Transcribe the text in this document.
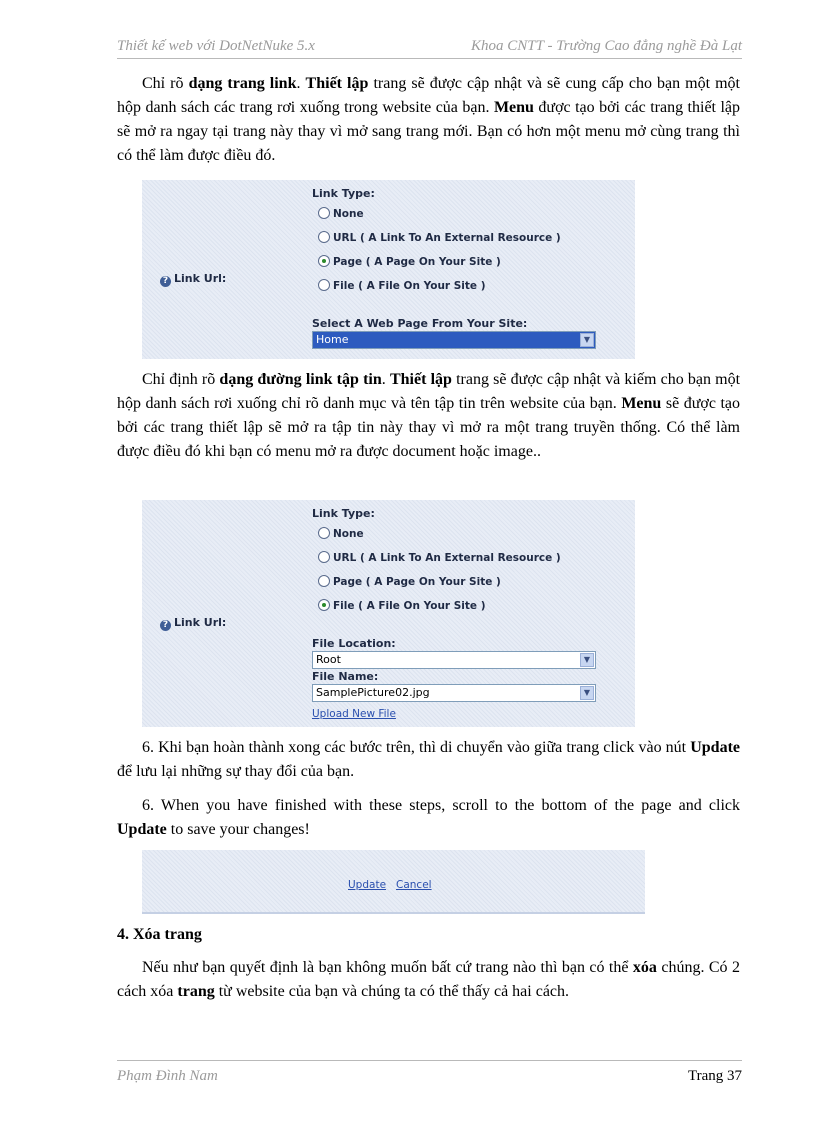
Thiết kế web với DotNetNuke 5.x	Khoa CNTT - Trường Cao đẳng nghề Đà Lạt

Chỉ rõ dạng trang link. Thiết lập trang sẽ được cập nhật và sẽ cung cấp cho bạn một một hộp danh sách các trang rơi xuống trong website của bạn. Menu được tạo bởi các trang thiết lập sẽ mở ra ngay tại trang này thay vì mở sang trang mới. Bạn có hơn một menu mở cùng trang thì có thể làm được điều đó.

? Link Url:
Link Type:
None
URL ( A Link To An External Resource )
Page ( A Page On Your Site )
File ( A File On Your Site )
Select A Web Page From Your Site:
Home	▼

Chỉ định rõ dạng đường link tập tin. Thiết lập trang sẽ được cập nhật và kiếm cho bạn một hộp danh sách rơi xuống chỉ rõ danh mục và tên tập tin trên website của bạn. Menu sẽ được tạo bởi các trang thiết lập sẽ mở ra tập tin này thay vì mở ra một trang truyền thống. Có thể làm được điều đó khi bạn có menu mở ra được document hoặc image..

? Link Url:
Link Type:
None
URL ( A Link To An External Resource )
Page ( A Page On Your Site )
File ( A File On Your Site )
File Location:
Root	▼
File Name:
SamplePicture02.jpg	▼
Upload New File

6. Khi bạn hoàn thành xong các bước trên, thì di chuyển vào giữa trang click vào nút Update để lưu lại những sự thay đổi của bạn.

6. When you have finished with these steps, scroll to the bottom of the page and click Update to save your changes!

Update Cancel
4. Xóa trang

Nếu như bạn quyết định là bạn không muốn bất cứ trang nào thì bạn có thể xóa chúng. Có 2 cách xóa trang từ website của bạn và chúng ta có thể thấy cả hai cách.

Phạm Đình Nam	Trang 37
